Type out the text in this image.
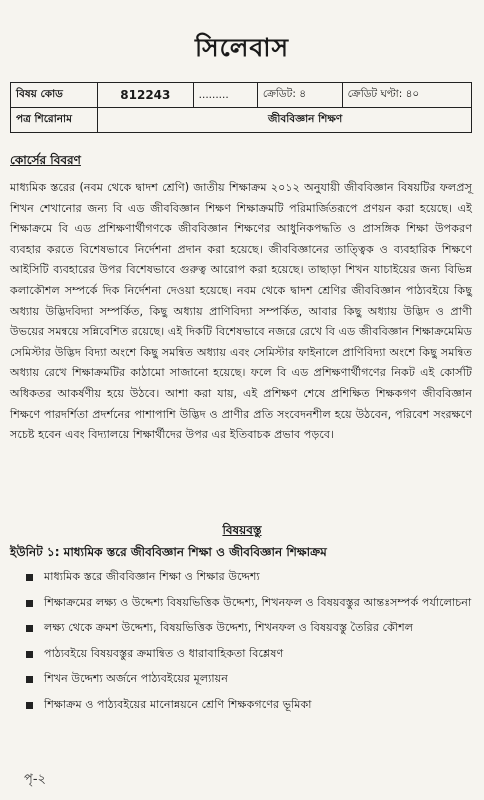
সিলেবাস
বিষয় কোড	812243	.........	ক্রেডিট: ৪	ক্রেডিট ঘণ্টা: ৪০
পত্র শিরোনাম	জীববিজ্ঞান শিক্ষণ			
কোর্সের বিবরণ

মাধ্যমিক স্তরের (নবম থেকে দ্বাদশ শ্রেণি) জাতীয় শিক্ষাক্রম ২০১২ অনুযায়ী জীববিজ্ঞান বিষয়টির ফলপ্রসূ শিখন শেখানোর জন্য বি এড জীববিজ্ঞান শিক্ষণ শিক্ষাক্রমটি পরিমার্জিতরূপে প্রণয়ন করা হয়েছে। এই শিক্ষাক্রমে বি এড প্রশিক্ষণার্থীগণকে জীববিজ্ঞান শিক্ষণের আধুনিকপদ্ধতি ও প্রাসঙ্গিক শিক্ষা উপকরণ ব্যবহার করতে বিশেষভাবে নির্দেশনা প্রদান করা হয়েছে। জীববিজ্ঞানের তাত্ত্বিক ও ব্যবহারিক শিক্ষণে আইসিটি ব্যবহারের উপর বিশেষভাবে গুরুত্ব আরোপ করা হয়েছে। তাছাড়া শিখন যাচাইয়ের জন্য বিভিন্ন কলাকৌশল সম্পর্কে দিক নির্দেশনা দেওয়া হয়েছে। নবম থেকে দ্বাদশ শ্রেণির জীববিজ্ঞান পাঠ্যবইয়ে কিছু অধ্যায় উদ্ভিদবিদ্যা সম্পর্কিত, কিছু অধ্যায় প্রাণিবিদ্যা সম্পর্কিত, আবার কিছু অধ্যায় উদ্ভিদ ও প্রাণী উভয়ের সমন্বয়ে সন্নিবেশিত রয়েছে। এই দিকটি বিশেষভাবে নজরে রেখে বি এড জীববিজ্ঞান শিক্ষাক্রমেমিড সেমিস্টার উদ্ভিদ বিদ্যা অংশে কিছু সমন্বিত অধ্যায় এবং সেমিস্টার ফাইনালে প্রাণিবিদ্যা অংশে কিছু সমন্বিত অধ্যায় রেখে শিক্ষাক্রমটির কাঠামো সাজানো হয়েছে। ফলে বি এড প্রশিক্ষণার্থীগণের নিকট এই কোর্সটি অধিকতর আকর্ষণীয় হয়ে উঠবে। আশা করা যায়, এই প্রশিক্ষণ শেষে প্রশিক্ষিত শিক্ষকগণ জীববিজ্ঞান শিক্ষণে পারদর্শিতা প্রদর্শনের পাশাপাশি উদ্ভিদ ও প্রাণীর প্রতি সংবেদনশীল হয়ে উঠবেন, পরিবেশ সংরক্ষণে সচেষ্ট হবেন এবং বিদ্যালয়ে শিক্ষার্থীদের উপর এর ইতিবাচক প্রভাব পড়বে।

বিষয়বস্তু
ইউনিট ১: মাধ্যমিক স্তরে জীববিজ্ঞান শিক্ষা ও জীববিজ্ঞান শিক্ষাক্রম
মাধ্যমিক স্তরে জীববিজ্ঞান শিক্ষা ও শিক্ষার উদ্দেশ্য
শিক্ষাক্রমের লক্ষ্য ও উদ্দেশ্য বিষয়ভিত্তিক উদ্দেশ্য, শিখনফল ও বিষয়বস্তুর আন্তঃসম্পর্ক পর্যালোচনা
লক্ষ্য থেকে ক্রমশ উদ্দেশ্য, বিষয়ভিত্তিক উদ্দেশ্য, শিখনফল ও বিষয়বস্তু তৈরির কৌশল
পাঠ্যবইয়ে বিষয়বস্তুর ক্রমান্বিত ও ধারাবাহিকতা বিশ্লেষণ
শিখন উদ্দেশ্য অর্জনে পাঠ্যবইয়ের মূল্যায়ন
শিক্ষাক্রম ও পাঠ্যবইয়ের মানোন্নয়নে শ্রেণি শিক্ষকগণের ভূমিকা
পৃ-২
